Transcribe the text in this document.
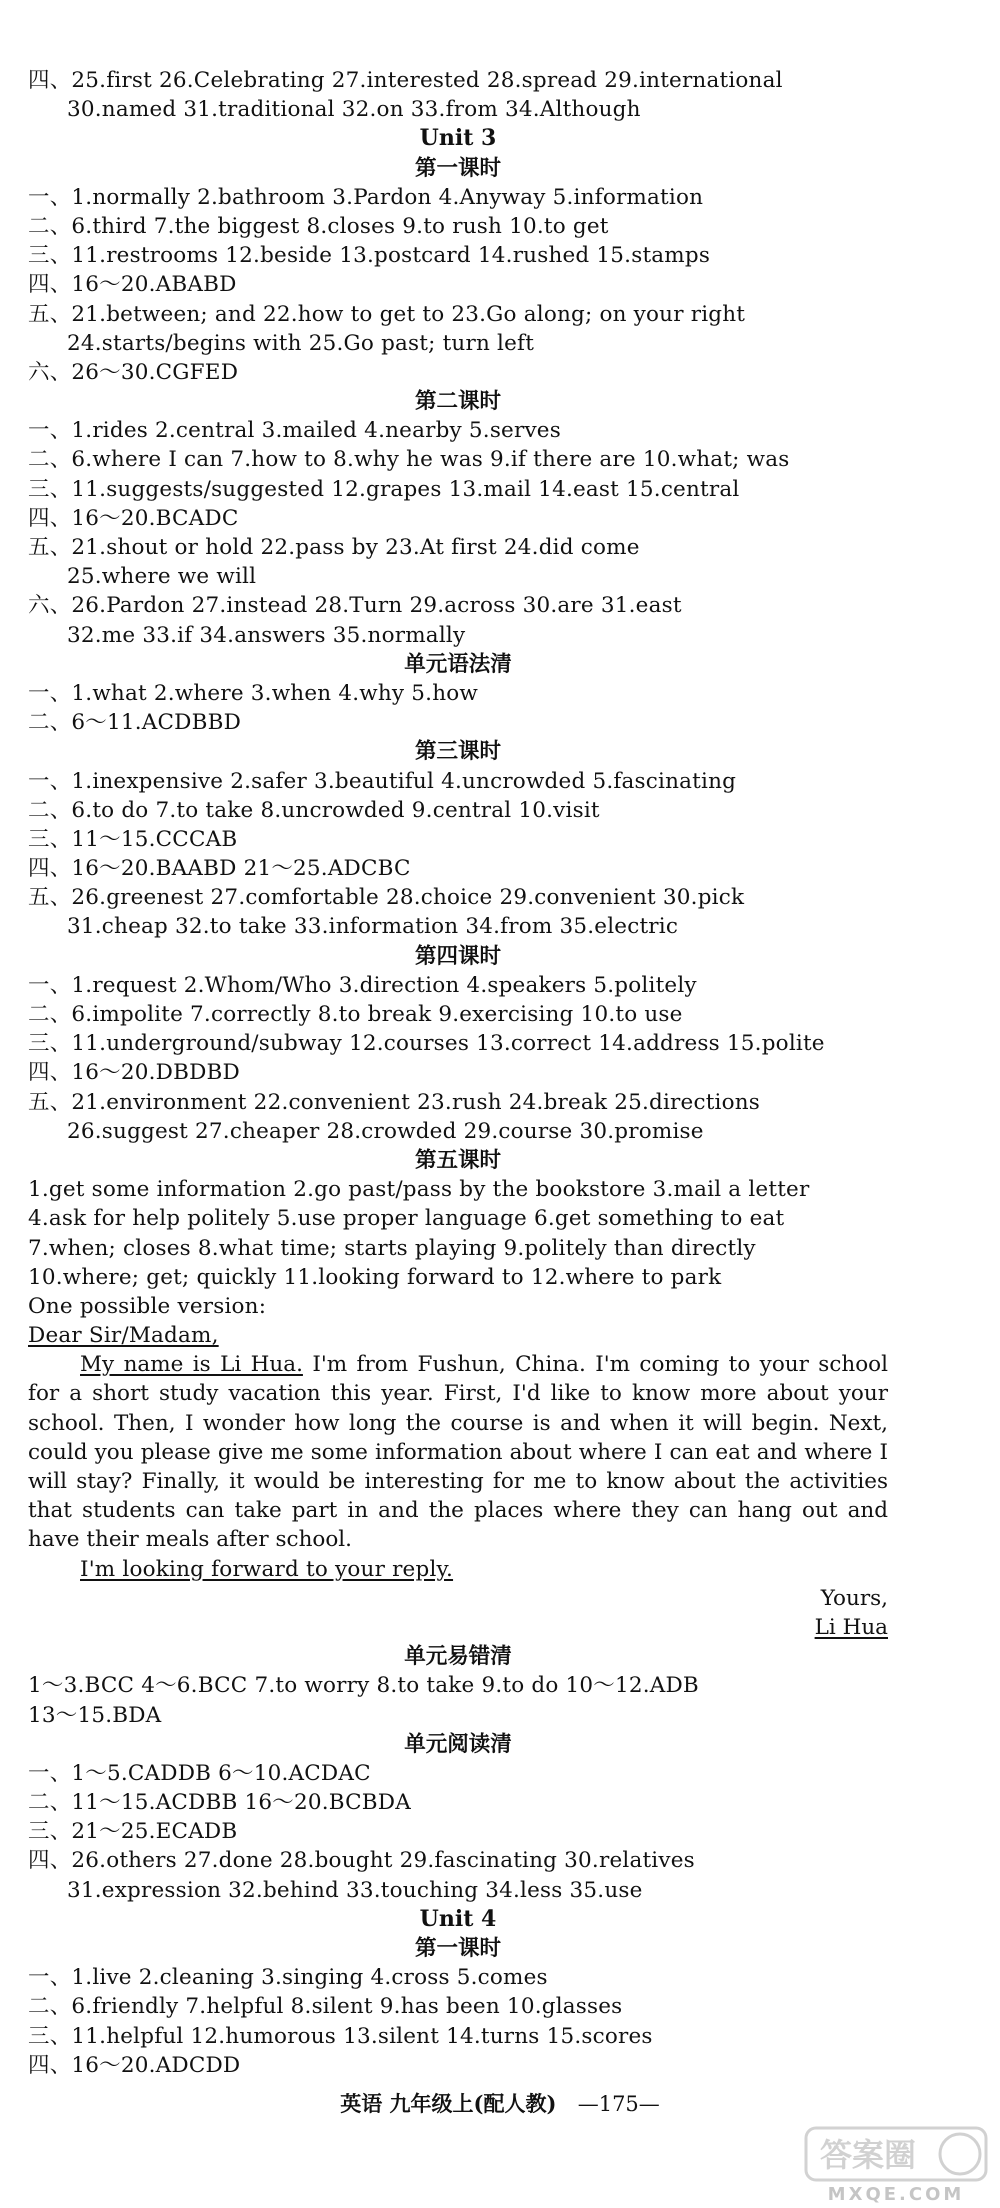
四、25.first 26.Celebrating 27.interested 28.spread 29.international
30.named 31.traditional 32.on 33.from 34.Although
Unit 3
第一课时
一、1.normally 2.bathroom 3.Pardon 4.Anyway 5.information
二、6.third 7.the biggest 8.closes 9.to rush 10.to get
三、11.restrooms 12.beside 13.postcard 14.rushed 15.stamps
四、16～20.ABABD
五、21.between; and 22.how to get to 23.Go along; on your right
24.starts/begins with 25.Go past; turn left
六、26～30.CGFED
第二课时
一、1.rides 2.central 3.mailed 4.nearby 5.serves
二、6.where I can 7.how to 8.why he was 9.if there are 10.what; was
三、11.suggests/suggested 12.grapes 13.mail 14.east 15.central
四、16～20.BCADC
五、21.shout or hold 22.pass by 23.At first 24.did come
25.where we will
六、26.Pardon 27.instead 28.Turn 29.across 30.are 31.east
32.me 33.if 34.answers 35.normally
单元语法清
一、1.what 2.where 3.when 4.why 5.how
二、6～11.ACDBBD
第三课时
一、1.inexpensive 2.safer 3.beautiful 4.uncrowded 5.fascinating
二、6.to do 7.to take 8.uncrowded 9.central 10.visit
三、11～15.CCCAB
四、16～20.BAABD 21～25.ADCBC
五、26.greenest 27.comfortable 28.choice 29.convenient 30.pick
31.cheap 32.to take 33.information 34.from 35.electric
第四课时
一、1.request 2.Whom/Who 3.direction 4.speakers 5.politely
二、6.impolite 7.correctly 8.to break 9.exercising 10.to use
三、11.underground/subway 12.courses 13.correct 14.address 15.polite
四、16～20.DBDBD
五、21.environment 22.convenient 23.rush 24.break 25.directions
26.suggest 27.cheaper 28.crowded 29.course 30.promise
第五课时
1.get some information 2.go past/pass by the bookstore 3.mail a letter
4.ask for help politely 5.use proper language 6.get something to eat
7.when; closes 8.what time; starts playing 9.politely than directly
10.where; get; quickly 11.looking forward to 12.where to park
One possible version:
Dear Sir/Madam,
My name is Li Hua. I'm from Fushun, China. I'm coming to your school
for a short study vacation this year. First, I'd like to know more about your
school. Then, I wonder how long the course is and when it will begin. Next,
could you please give me some information about where I can eat and where I
will stay? Finally, it would be interesting for me to know about the activities
that students can take part in and the places where they can hang out and
have their meals after school.
I'm looking forward to your reply.
Yours,
Li Hua
单元易错清
1～3.BCC 4～6.BCC 7.to worry 8.to take 9.to do 10～12.ADB
13～15.BDA
单元阅读清
一、1～5.CADDB 6～10.ACDAC
二、11～15.ACDBB 16～20.BCBDA
三、21～25.ECADB
四、26.others 27.done 28.bought 29.fascinating 30.relatives
31.expression 32.behind 33.touching 34.less 35.use
Unit 4
第一课时
一、1.live 2.cleaning 3.singing 4.cross 5.comes
二、6.friendly 7.helpful 8.silent 9.has been 10.glasses
三、11.helpful 12.humorous 13.silent 14.turns 15.scores
四、16～20.ADCDD
英语 九年级上(配人教) —175—
答案圈
MXQE.COM
